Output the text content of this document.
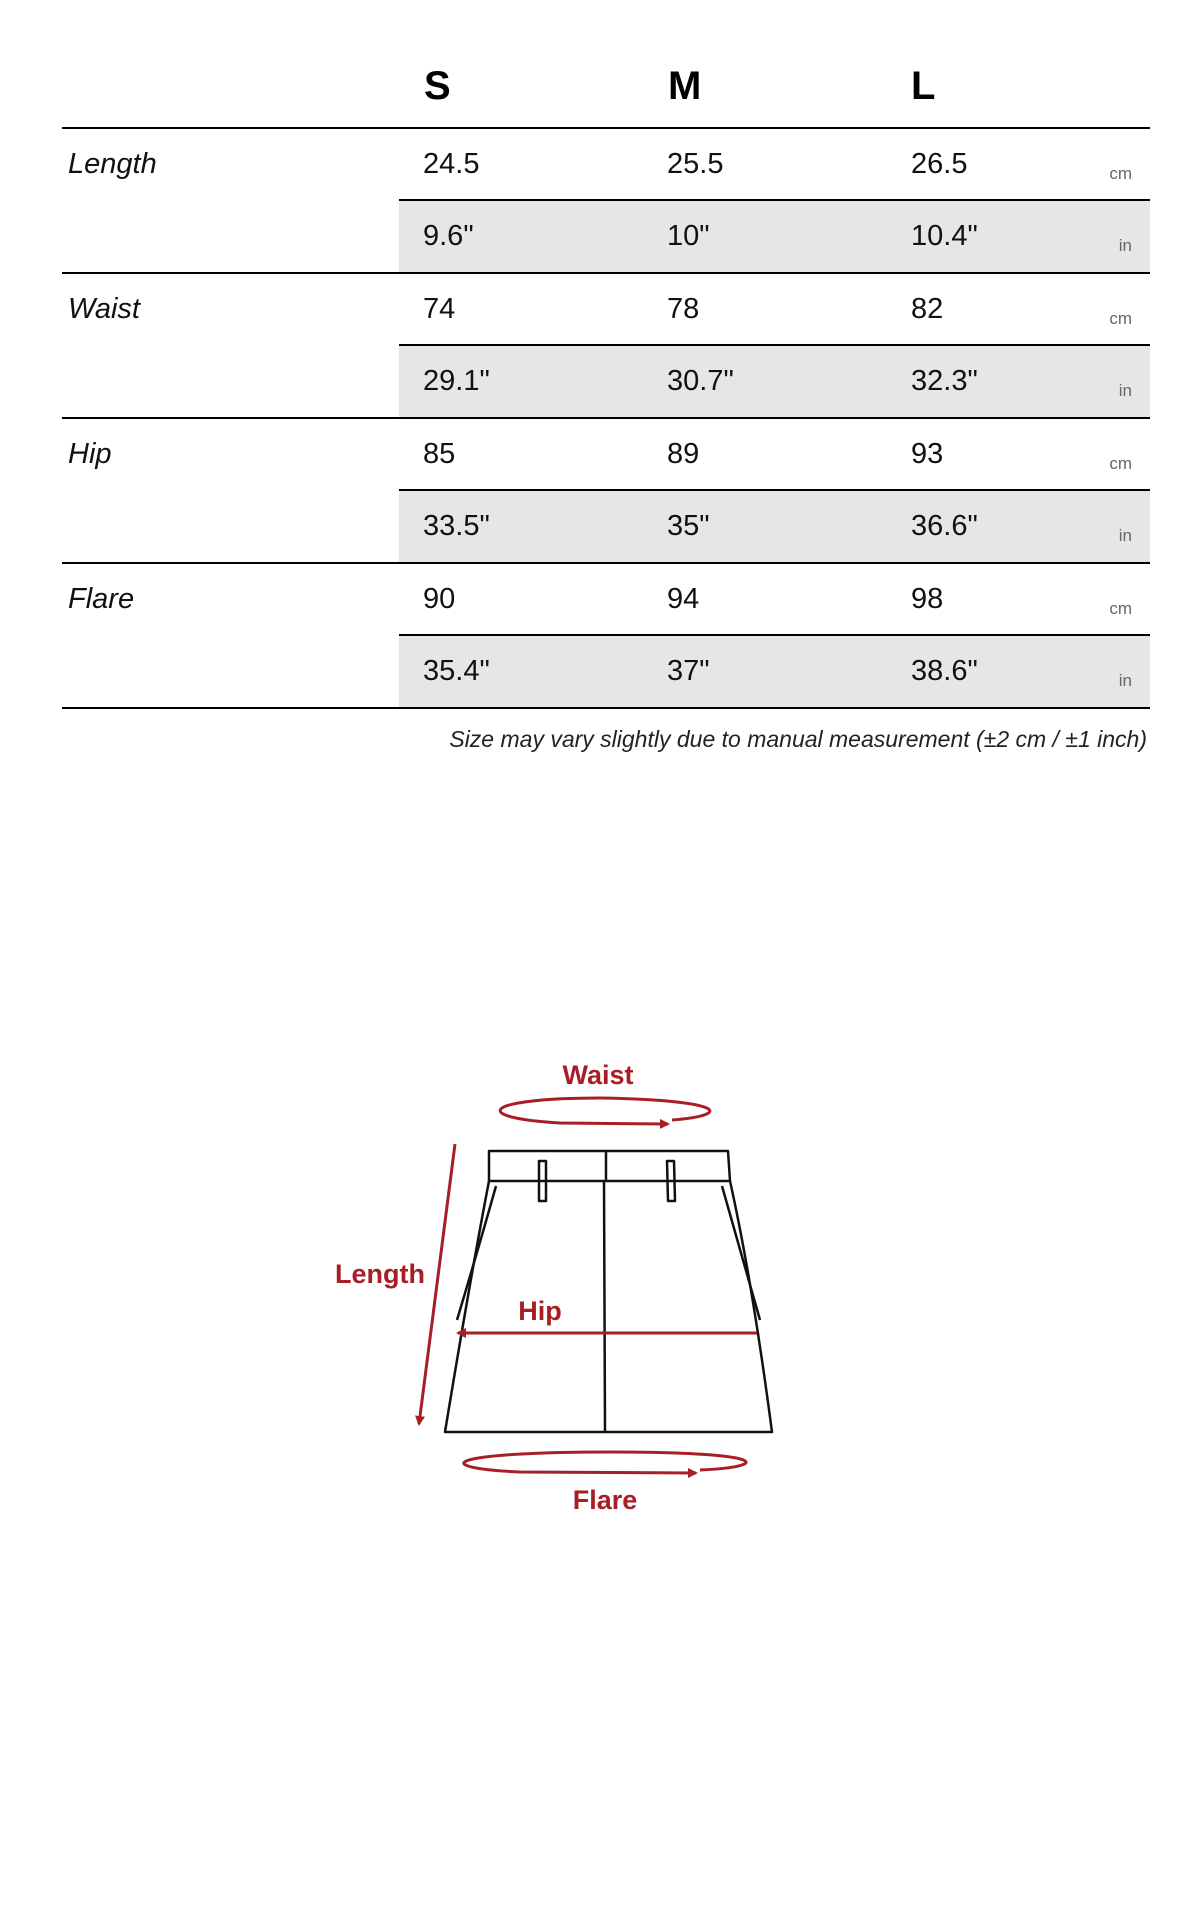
S	M	L
Length	24.5	25.5	26.5	cm
9.6"	10"	10.4"	in
Waist	74	78	82	cm
29.1"	30.7"	32.3"	in
Hip	85	89	93	cm
33.5"	35"	36.6"	in
Flare	90	94	98	cm
35.4"	37"	38.6"	in
Size may vary slightly due to manual measurement (±2 cm / ±1 inch)
Waist
Length
Hip
Flare
